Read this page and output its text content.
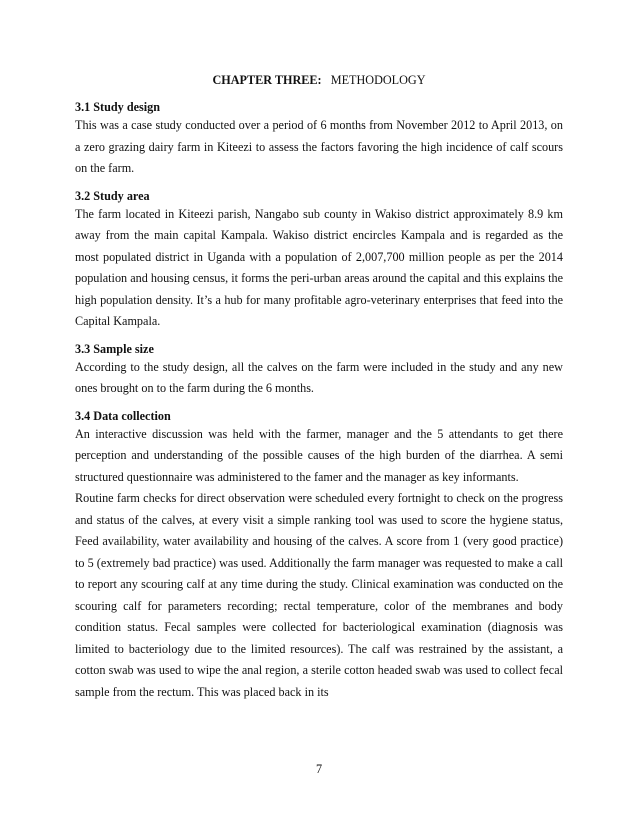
CHAPTER THREE: METHODOLOGY

3.1 Study design

This was a case study conducted over a period of 6 months from November 2012 to April 2013, on a zero grazing dairy farm in Kiteezi to assess the factors favoring the high incidence of calf scours on the farm.

3.2 Study area

The farm located in Kiteezi parish, Nangabo sub county in Wakiso district approximately 8.9 km away from the main capital Kampala. Wakiso district encircles Kampala and is regarded as the most populated district in Uganda with a population of 2,007,700 million people as per the 2014 population and housing census, it forms the peri-urban areas around the capital and this explains the high population density. It’s a hub for many profitable agro-veterinary enterprises that feed into the Capital Kampala.

3.3 Sample size

According to the study design, all the calves on the farm were included in the study and any new ones brought on to the farm during the 6 months.

3.4 Data collection

An interactive discussion was held with the farmer, manager and the 5 attendants to get there perception and understanding of the possible causes of the high burden of the diarrhea. A semi structured questionnaire was administered to the famer and the manager as key informants.

Routine farm checks for direct observation were scheduled every fortnight to check on the progress and status of the calves, at every visit a simple ranking tool was used to score the hygiene status, Feed availability, water availability and housing of the calves. A score from 1 (very good practice) to 5 (extremely bad practice) was used. Additionally the farm manager was requested to make a call to report any scouring calf at any time during the study. Clinical examination was conducted on the scouring calf for parameters recording; rectal temperature, color of the membranes and body condition status. Fecal samples were collected for bacteriological examination (diagnosis was limited to bacteriology due to the limited resources). The calf was restrained by the assistant, a cotton swab was used to wipe the anal region, a sterile cotton headed swab was used to collect fecal sample from the rectum. This was placed back in its

7
